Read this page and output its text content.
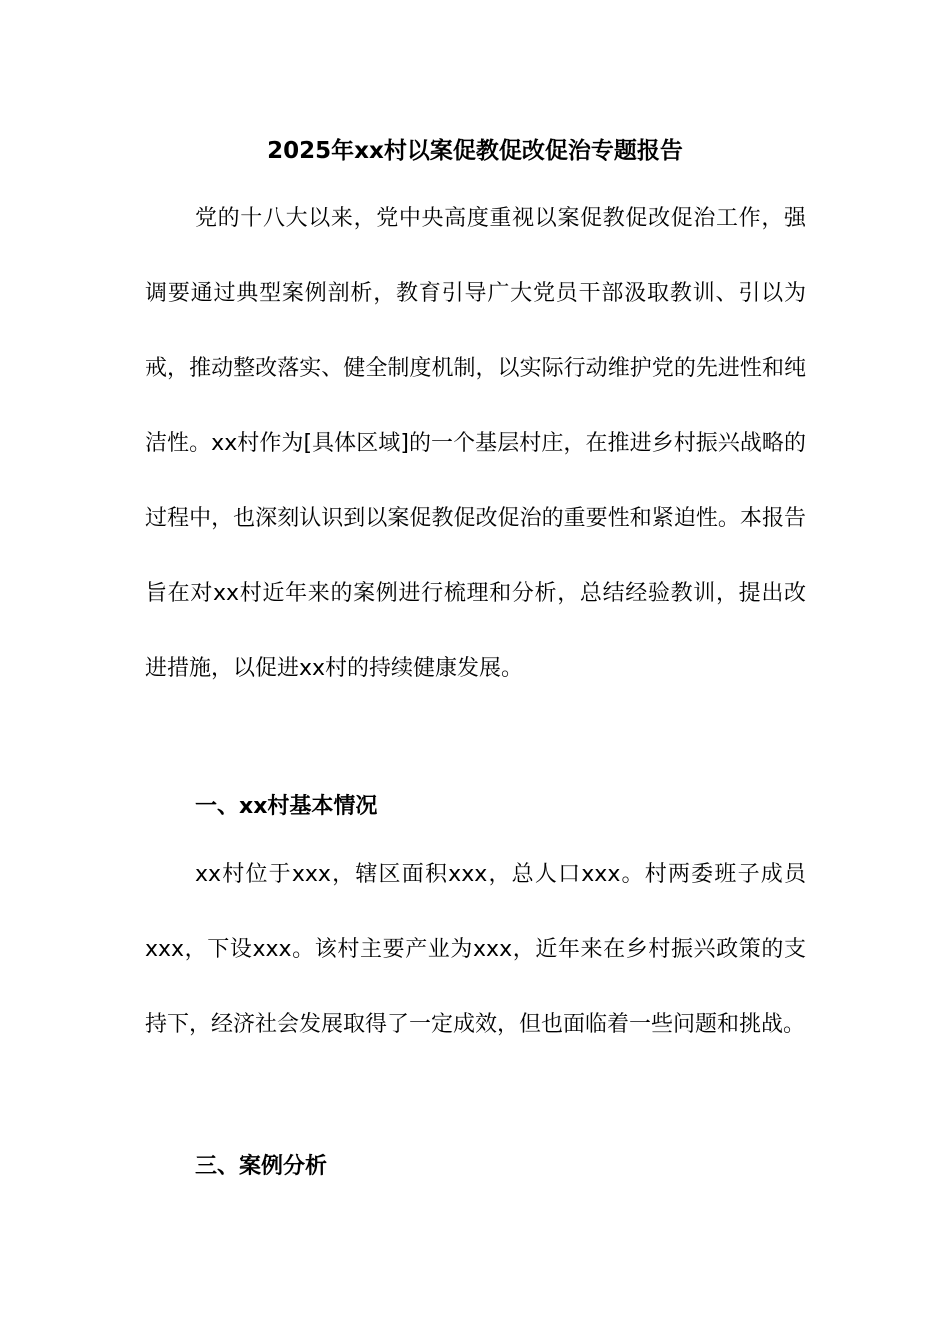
2025年xx村以案促教促改促治专题报告

党的十八大以来，党中央高度重视以案促教促改促治工作，强调要通过典型案例剖析，教育引导广大党员干部汲取教训、引以为戒，推动整改落实、健全制度机制，以实际行动维护党的先进性和纯洁性。xx村作为[具体区域]的一个基层村庄，在推进乡村振兴战略的过程中，也深刻认识到以案促教促改促治的重要性和紧迫性。本报告旨在对xx村近年来的案例进行梳理和分析，总结经验教训，提出改进措施，以促进xx村的持续健康发展。

一、xx村基本情况

xx村位于xxx，辖区面积xxx，总人口xxx。村两委班子成员xxx，下设xxx。该村主要产业为xxx，近年来在乡村振兴政策的支持下，经济社会发展取得了一定成效，但也面临着一些问题和挑战。

三、案例分析
